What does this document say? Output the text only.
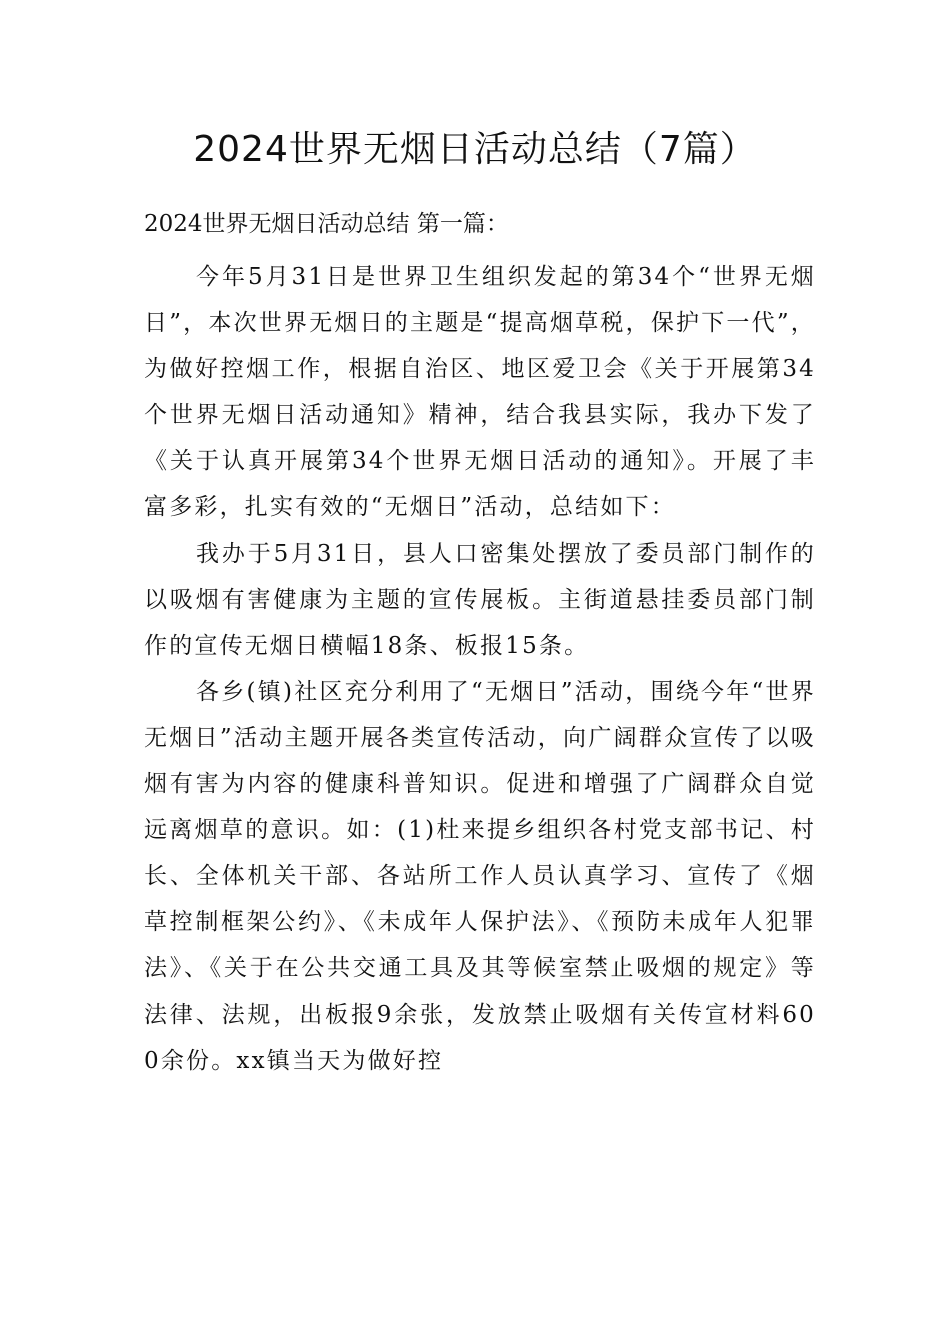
2024世界无烟日活动总结（7篇）
2024世界无烟日活动总结 第一篇：

今年5月31日是世界卫生组织发起的第34个“世界无烟日”，本次世界无烟日的主题是“提高烟草税，保护下一代”，为做好控烟工作，根据自治区、地区爱卫会《关于开展第34个世界无烟日活动通知》精神，结合我县实际，我办下发了《关于认真开展第34个世界无烟日活动的通知》。开展了丰富多彩，扎实有效的“无烟日”活动，总结如下：

我办于5月31日，县人口密集处摆放了委员部门制作的以吸烟有害健康为主题的宣传展板。主街道悬挂委员部门制作的宣传无烟日横幅18条、板报15条。

各乡(镇)社区充分利用了“无烟日”活动，围绕今年“世界无烟日”活动主题开展各类宣传活动，向广阔群众宣传了以吸烟有害为内容的健康科普知识。促进和增强了广阔群众自觉远离烟草的意识。如：(1)杜来提乡组织各村党支部书记、村长、全体机关干部、各站所工作人员认真学习、宣传了《烟草控制框架公约》、《未成年人保护法》、《预防未成年人犯罪法》、《关于在公共交通工具及其等候室禁止吸烟的规定》等法律、法规，出板报9余张，发放禁止吸烟有关传宣材料600余份。xx镇当天为做好控
